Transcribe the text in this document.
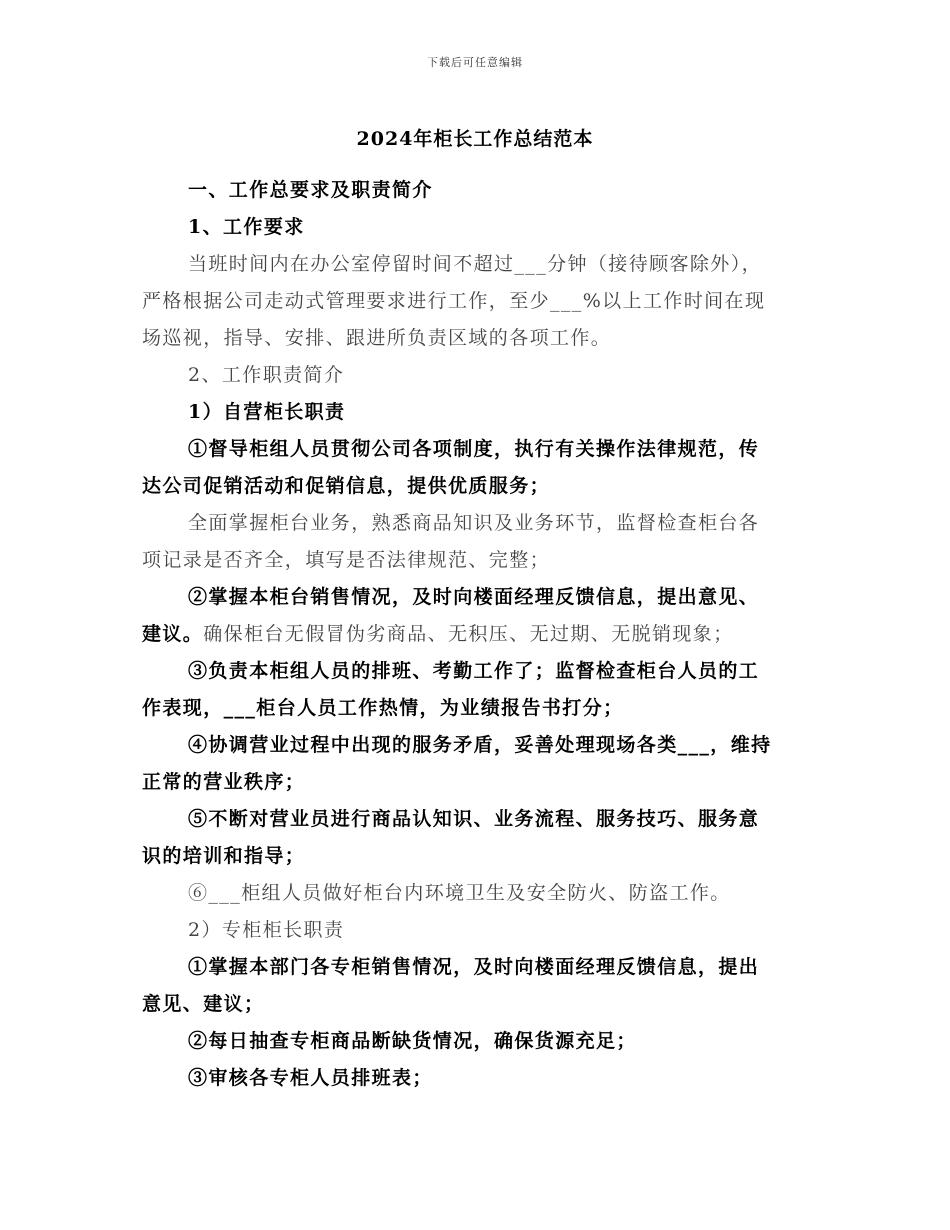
下载后可任意编辑
2024年柜长工作总结范本
一、工作总要求及职责简介
1、工作要求
当班时间内在办公室停留时间不超过___分钟（接待顾客除外），
严格根据公司走动式管理要求进行工作，至少___%以上工作时间在现
场巡视，指导、安排、跟进所负责区域的各项工作。
2、工作职责简介
1）自营柜长职责
①督导柜组人员贯彻公司各项制度，执行有关操作法律规范，传
达公司促销活动和促销信息，提供优质服务；
全面掌握柜台业务，熟悉商品知识及业务环节，监督检查柜台各
项记录是否齐全，填写是否法律规范、完整；
②掌握本柜台销售情况，及时向楼面经理反馈信息，提出意见、
建议。确保柜台无假冒伪劣商品、无积压、无过期、无脱销现象；
③负责本柜组人员的排班、考勤工作了；监督检查柜台人员的工
作表现，___柜台人员工作热情，为业绩报告书打分；
④协调营业过程中出现的服务矛盾，妥善处理现场各类___，维持
正常的营业秩序；
⑤不断对营业员进行商品认知识、业务流程、服务技巧、服务意
识的培训和指导；
⑥___柜组人员做好柜台内环境卫生及安全防火、防盗工作。
2）专柜柜长职责
①掌握本部门各专柜销售情况，及时向楼面经理反馈信息，提出
意见、建议；
②每日抽查专柜商品断缺货情况，确保货源充足；
③审核各专柜人员排班表；
